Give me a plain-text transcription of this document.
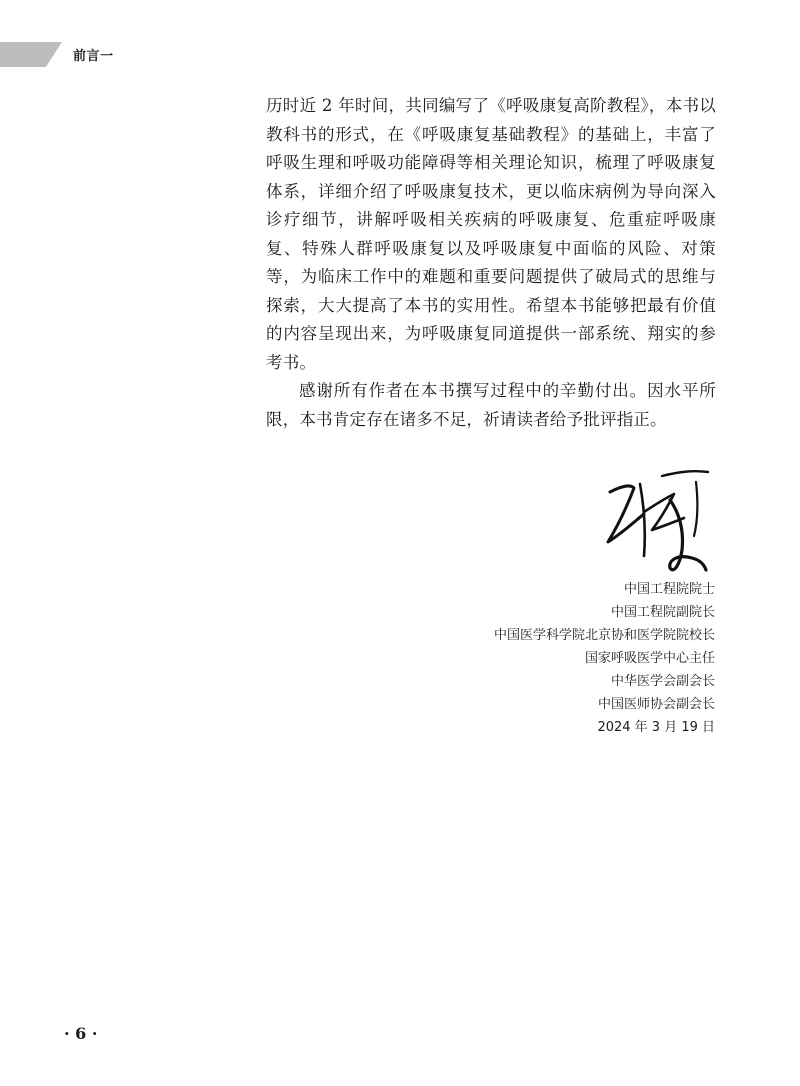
前言一

历时近 2 年时间，共同编写了《呼吸康复高阶教程》，本书以教科书的形式，在《呼吸康复基础教程》的基础上，丰富了呼吸生理和呼吸功能障碍等相关理论知识，梳理了呼吸康复体系，详细介绍了呼吸康复技术，更以临床病例为导向深入诊疗细节，讲解呼吸相关疾病的呼吸康复、危重症呼吸康复、特殊人群呼吸康复以及呼吸康复中面临的风险、对策等，为临床工作中的难题和重要问题提供了破局式的思维与探索，大大提高了本书的实用性。希望本书能够把最有价值的内容呈现出来，为呼吸康复同道提供一部系统、翔实的参考书。

感谢所有作者在本书撰写过程中的辛勤付出。因水平所限，本书肯定存在诸多不足，祈请读者给予批评指正。

中国工程院院士
中国工程院副院长
中国医学科学院北京协和医学院院校长
国家呼吸医学中心主任
中华医学会副会长
中国医师协会副会长
2024 年 3 月 19 日
· 6 ·
